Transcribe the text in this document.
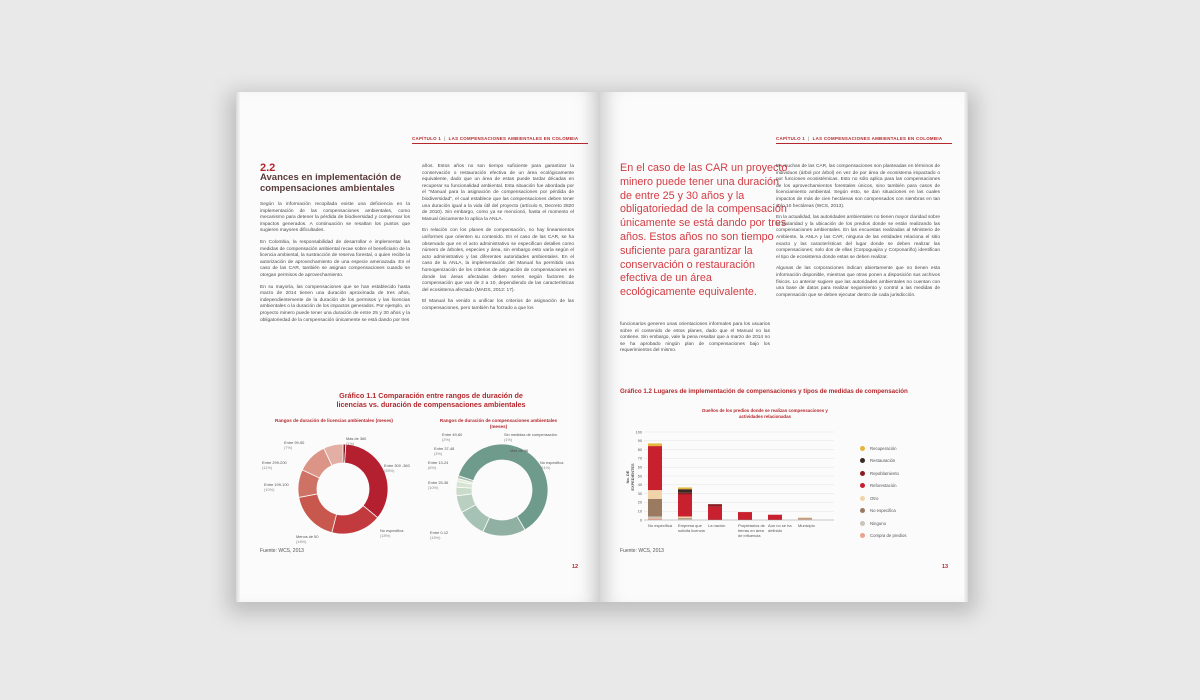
CAPÍTULO 1 | LAS COMPENSACIONES AMBIENTALES EN COLOMBIA
2.2
Avances en implementación de compensaciones ambientales

Según la información recopilada existe una deficiencia en la implementación de las compensaciones ambientales, como mecanismo para detener la pérdida de biodiversidad y compensar los impactos generados. A continuación se resaltan los puntos que sugieren mayores dificultades.

En Colombia, la responsabilidad de desarrollar e implementar las medidas de compensación ambiental recae sobre el beneficiario de la licencia ambiental, la sustracción de reserva forestal, o quien recibe la autorización de aprovechamiento de una especie amenazada. En el caso de las CAR, también se asignan compensaciones cuando se otorgan permisos de aprovechamiento.

En su mayoría, las compensaciones que se han establecido hasta marzo de 2014 tienen una duración aproximada de tres años, independientemente de la duración de los permisos y las licencias ambientales o la duración de los impactos generados. Por ejemplo, un proyecto minero puede tener una duración de entre 25 y 30 años y la obligatoriedad de la compensación únicamente se está dando por tres

años. Estos años no son tiempo suficiente para garantizar la conservación o restauración efectiva de un área ecológicamente equivalente, dado que un área de estas puede tardar décadas en recuperar su funcionalidad ambiental. Esta situación fue abordada por el "Manual para la asignación de compensaciones por pérdida de biodiversidad", el cual establece que las compensaciones deben tener una duración igual a la vida útil del proyecto (artículo 6, Decreto 2820 de 2010). Sin embargo, como ya se mencionó, hasta el momento el Manual únicamente lo aplica la ANLA.

En relación con los planes de compensación, no hay lineamientos uniformes que orienten su contenido. En el caso de las CAR, se ha observado que en el acto administrativo se especifican detalles como número de árboles, especies y área, sin embargo esto varía según el acto administrativo y las diferentes autoridades ambientales. En el caso de la ANLA, la implementación del Manual ha permitido una homogenización de los criterios de asignación de compensaciones en donde las áreas afectadas deben series según factores de compensación que van de 2 a 10, dependiendo de las características del ecosistema afectado (MADS, 2012: 17).

El Manual ha venido a unificar los criterios de asignación de las compensaciones, pero también ha forzado a que los

Gráfico 1.1 Comparación entre rangos de duración de
licencias vs. duración de compensaciones ambientales
Rangos de duración de licencias ambientales (meses)	Rangos de duración de compensaciones ambientales (meses)
Más de 360
(1%)
Entre 300 -360
(35%)
No especifica
(18%)
Menos de 50
(18%)
Entre 199-100
(10%)
Entre 299-200
(11%)
Entre 99-50
(7%)
Entre 0-12
(15%)
Entre 25-36
(10%)
Entre 13-24
(6%)
Entre 37-48
(3%)
Entre 49-60
(2%)
Sin medidas de compensación
(1%)
Más de 96
(1%)
No especifica
(61%)
Fuente: WCS, 2013
12
CAPÍTULO 1 | LAS COMPENSACIONES AMBIENTALES EN COLOMBIA
En el caso de las CAR un proyecto minero puede tener una duración de entre 25 y 30 años y la obligatoriedad de la compensación únicamente se está dando por tres años. Estos años no son tiempo suficiente para garantizar la conservación o restauración efectiva de un área ecológicamente equivalente.

funcionarios generen unas orientaciones informales para los usuarios sobre el contenido de estos planes, dado que el Manual no las contiene. Sin embargo, vale la pena resaltar que a marzo de 2014 no se ha aprobado ningún plan de compensaciones bajo los requerimientos del mismo.

En muchas de las CAR, las compensaciones son planteadas en términos de individuos (árbol por árbol) en vez de por área de ecosistema impactado o por funciones ecosistémicas. Esto no sólo aplica para las compensaciones de los aprovechamientos forestales únicos, sino también para casos de licenciamiento ambiental. Según esto, se dan situaciones en las cuales impactos de más de cien hectáreas son compensados con siembras en tan solo 10 hectáreas (WCS, 2013).

En la actualidad, las autoridades ambientales no tienen mayor claridad sobre la titularidad y la ubicación de los predios donde se están realizando las compensaciones ambientales. En las encuestas realizadas al Ministerio de Ambiente, la ANLA y las CAR, ninguna de las entidades relaciona el sitio exacto y las características del lugar donde se deben realizar las compensaciones; solo dos de ellas (Corpoguajira y Corponariño) identifican el tipo de ecosistema donde estas se deben realizar.

Algunas de las corporaciones indican abiertamente que no tienen esta información disponible, mientras que otras ponen a disposición sus archivos físicos. Lo anterior sugiere que las autoridades ambientales no cuentan con una base de datos para realizar seguimiento y control a las medidas de compensación que se deben ejecutar dentro de cada jurisdicción.

Gráfico 1.2 Lugares de implementación de compensaciones y tipos de medidas de compensación
Dueños de los predios donde se realizan compensaciones y actividades relacionadas
No. DE EXPEDIENTES
0
10
20
30
40
50
60
70
80
90
100
No especifica	Empresa que solicita licencia
La nación	Propietarios de tierras en área de influencia
Aún no se ha definido
Municipio
Recuperación
Restauración
Repoblamiento
Reforestación
Otro
No especifica
Ninguno
Compra de predios
Fuente: WCS, 2013
13
